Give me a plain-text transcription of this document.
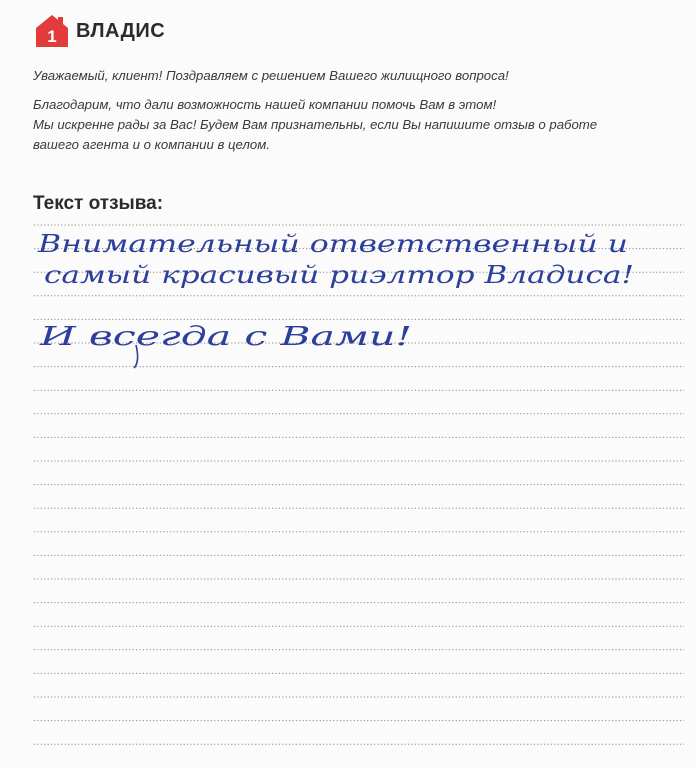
1 ВЛАДИС

Уважаемый, клиент! Поздравляем с решением Вашего жилищного вопроса!

Благодарим, что дали возможность нашей компании помочь Вам в этом!
Мы искренне рады за Вас! Будем Вам признательны, если Вы напишите отзыв о работе
вашего агента и о компании в целом.

Текст отзыва:
Внимательный ответственный и
самый красивый риэлтор Владиса!
И всегда с Вами!
